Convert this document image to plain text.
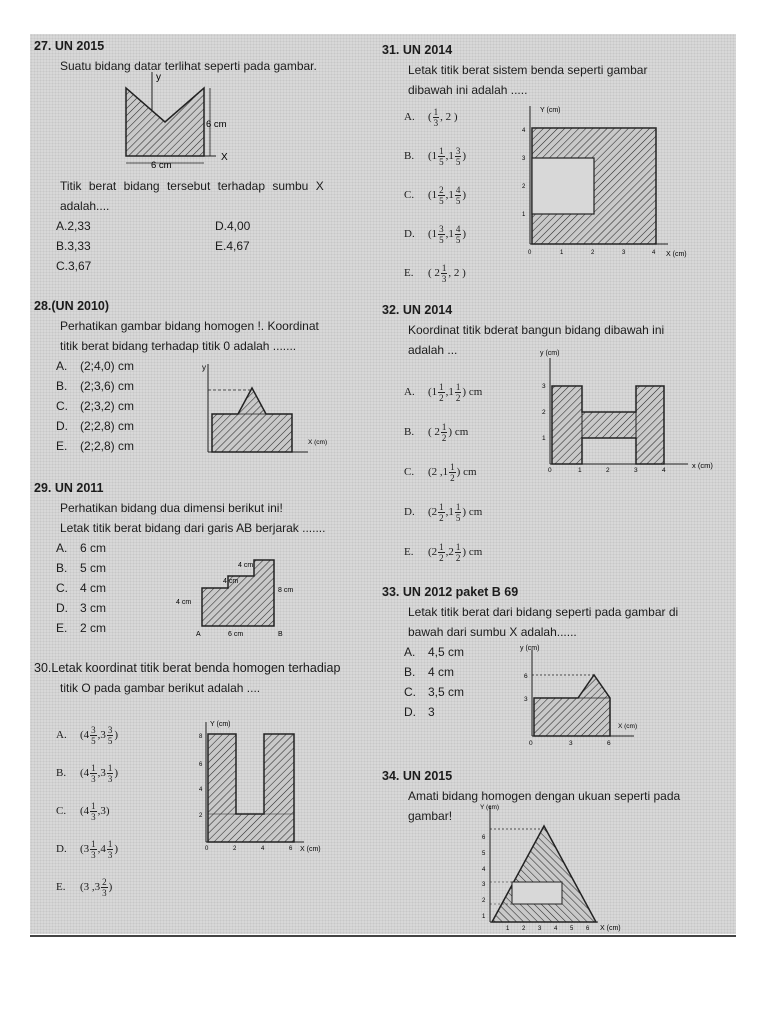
27. UN 2015

Suatu bidang datar terlihat seperti pada gambar.
y
X
6 cm
6 cm
Titik berat bidang tersebut terhadap sumbu X
adalah....
A.2,33	D.4,00
B.3,33	E.4,67
C.3,67

28.(UN 2010)

Perhatikan gambar bidang homogen !. Koordinat
titik berat bidang terhadap titik 0 adalah .......
A. (2;4,0) cm
B. (2;3,6) cm
C. (2;3,2) cm
D. (2;2,8) cm
E. (2;2,8) cm
y
X (cm)

29. UN 2011

Perhatikan bidang dua dimensi berikut ini!
Letak titik berat bidang dari garis AB berjarak .......
A. 6 cm
B. 5 cm
C. 4 cm
D. 3 cm
E. 2 cm
4 cm
4 cm
8 cm
4 cm
6 cm
A	B

30.Letak koordinat titik berat benda homogen terhadiap

titik O pada gambar berikut adalah ....
A. ($4 \frac{3}{5} ,3 \frac{3}{5}$ )
B. ($4 \frac{1}{3} ,3 \frac{1}{3}$ )
C. $(4 \frac{1}{3} ,3)$
D. ($3 \frac{1}{3} ,4 \frac{1}{3}$ )
E. (3 $,3 \frac{2}{3}$ )
Y (cm)
X (cm)
8
6
4
2
0	2	4	6

31. UN 2014

Letak titik berat sistem benda seperti gambar
dibawah ini adalah .....
A. ( $\frac{1}{3}$ , 2 )
B. ($1 \frac{1}{5} ,1 \frac{3}{5}$ )
C. ($1 \frac{2}{5} ,1 \frac{4}{5}$ )
D. ($1 \frac{3}{5} ,1 \frac{4}{5}$ )
E. ( $2 \frac{1}{3}$ , 2 )
Y (cm)
X (cm)
4
3
2
1
0	1	2	3	4

32. UN 2014

Koordinat titik bderat bangun bidang dibawah ini
adalah ...
A. ($1 \frac{1}{2} ,1 \frac{1}{2}$ ) cm
B. ( $2 \frac{1}{2}$ ) cm
C. (2 $,1 \frac{1}{2}$ ) cm
D. ($2 \frac{1}{2} ,1 \frac{1}{5}$ ) cm
E. ($2 \frac{1}{2} ,2 \frac{1}{2}$ ) cm
y (cm)
x (cm)
3
2
1
0	1	2	3	4

33. UN 2012 paket B 69

Letak titik berat dari bidang seperti pada gambar di
bawah dari sumbu X adalah......
A. 4,5 cm
B. 4 cm
C. 3,5 cm
D. 3
y (cm)
X (cm)
6
3
0	3	6

34. UN 2015

Amati bidang homogen dengan ukuan seperti pada
gambar!
Y (cm)
X (cm)
6
5
4
3
2
1
1 2 3 4 5 6
